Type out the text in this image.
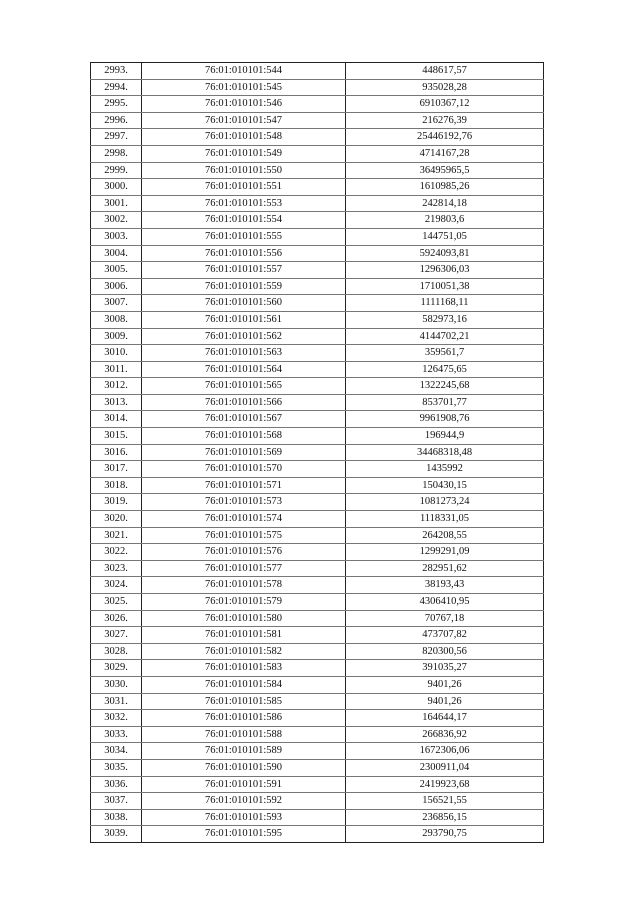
2993.	76:01:010101:544	448617,57
2994.	76:01:010101:545	935028,28
2995.	76:01:010101:546	6910367,12
2996.	76:01:010101:547	216276,39
2997.	76:01:010101:548	25446192,76
2998.	76:01:010101:549	4714167,28
2999.	76:01:010101:550	36495965,5
3000.	76:01:010101:551	1610985,26
3001.	76:01:010101:553	242814,18
3002.	76:01:010101:554	219803,6
3003.	76:01:010101:555	144751,05
3004.	76:01:010101:556	5924093,81
3005.	76:01:010101:557	1296306,03
3006.	76:01:010101:559	1710051,38
3007.	76:01:010101:560	1111168,11
3008.	76:01:010101:561	582973,16
3009.	76:01:010101:562	4144702,21
3010.	76:01:010101:563	359561,7
3011.	76:01:010101:564	126475,65
3012.	76:01:010101:565	1322245,68
3013.	76:01:010101:566	853701,77
3014.	76:01:010101:567	9961908,76
3015.	76:01:010101:568	196944,9
3016.	76:01:010101:569	34468318,48
3017.	76:01:010101:570	1435992
3018.	76:01:010101:571	150430,15
3019.	76:01:010101:573	1081273,24
3020.	76:01:010101:574	1118331,05
3021.	76:01:010101:575	264208,55
3022.	76:01:010101:576	1299291,09
3023.	76:01:010101:577	282951,62
3024.	76:01:010101:578	38193,43
3025.	76:01:010101:579	4306410,95
3026.	76:01:010101:580	70767,18
3027.	76:01:010101:581	473707,82
3028.	76:01:010101:582	820300,56
3029.	76:01:010101:583	391035,27
3030.	76:01:010101:584	9401,26
3031.	76:01:010101:585	9401,26
3032.	76:01:010101:586	164644,17
3033.	76:01:010101:588	266836,92
3034.	76:01:010101:589	1672306,06
3035.	76:01:010101:590	2300911,04
3036.	76:01:010101:591	2419923,68
3037.	76:01:010101:592	156521,55
3038.	76:01:010101:593	236856,15
3039.	76:01:010101:595	293790,75
